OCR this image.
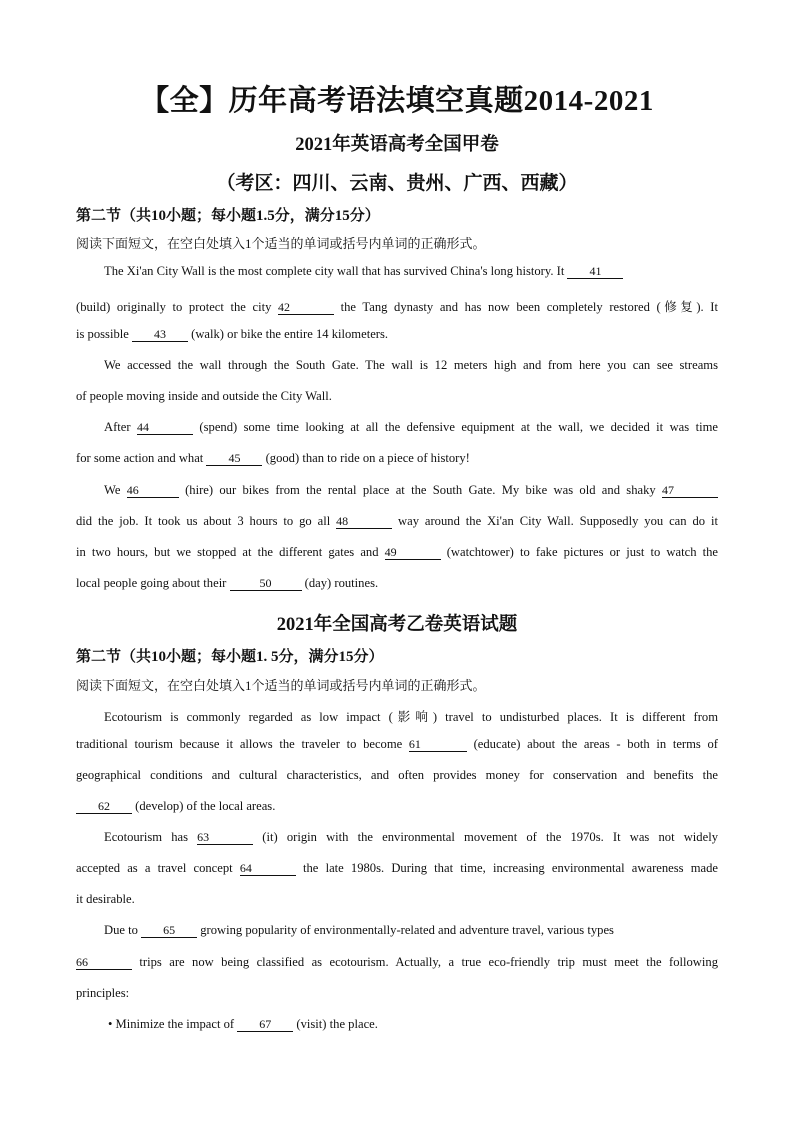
【全】历年高考语法填空真题2014-2021
2021年英语高考全国甲卷
（考区：四川、云南、贵州、广西、西藏）
第二节（共10小题；每小题1.5分，满分15分）
阅读下面短文，在空白处填入1个适当的单词或括号内单词的正确形式。
The Xi'an City Wall is the most complete city wall that has survived China's long history. It 41
(build) originally to protect the city 42	the Tang dynasty and has now been completely restored (修复). It
is possible 43 (walk) or bike the entire 14 kilometers.
We accessed the wall through the South Gate. The wall is 12 meters high and from here you can see streams
of people moving inside and outside the City Wall.
After 44	(spend) some time looking at all the defensive equipment at the wall, we decided it was time
for some action and what 45 (good) than to ride on a piece of history!
We 46	(hire) our bikes from the rental place at the South Gate. My bike was old and shaky 47
did the job. It took us about 3 hours to go all 48	way around the Xi'an City Wall. Supposedly you can do it
in two hours, but we stopped at the different gates and 49	(watchtower) to fake pictures or just to watch the
local people going about their	50 (day) routines.
2021年全国高考乙卷英语试题
第二节（共10小题；每小题1. 5分，满分15分）
阅读下面短文，在空白处填入1个适当的单词或括号内单词的正确形式。
Ecotourism is commonly regarded as low impact (影响) travel to undisturbed places. It is different from
traditional tourism because it allows the traveler to become 61	(educate) about the areas - both in terms of
geographical conditions and cultural characteristics, and often provides money for conservation and benefits the
62 (develop) of the local areas.
Ecotourism has 63	(it) origin with the environmental movement of the 1970s. It was not widely
accepted as a travel concept 64	the late 1980s. During that time, increasing environmental awareness made
it desirable.
Due to 65 growing popularity of environmentally-related and adventure travel, various types
66	trips are now being classified as ecotourism. Actually, a true eco-friendly trip must meet the following
principles:
• Minimize the impact of 67 (visit) the place.
